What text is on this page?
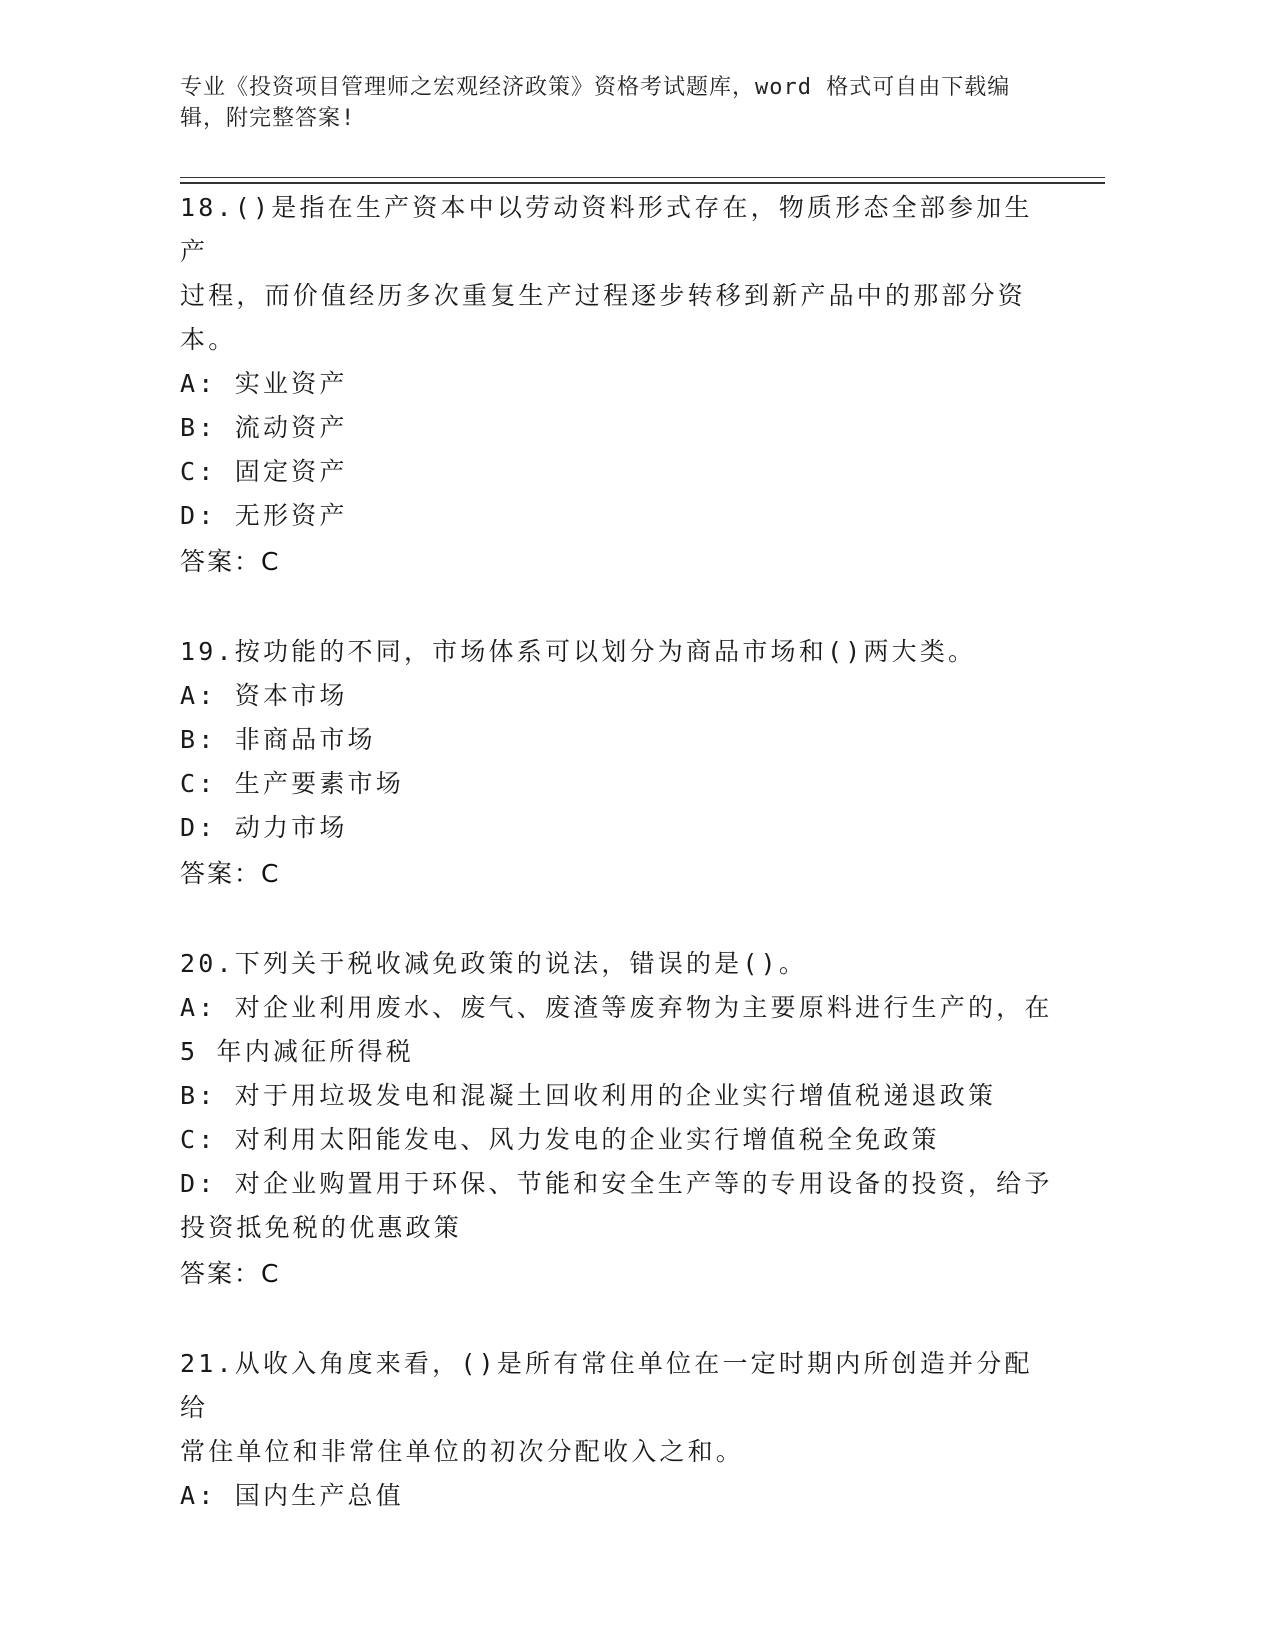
专业《投资项目管理师之宏观经济政策》资格考试题库，word 格式可自由下载编
辑，附完整答案!
18.()是指在生产资本中以劳动资料形式存在，物质形态全部参加生产
过程，而价值经历多次重复生产过程逐步转移到新产品中的那部分资
本。
A: 实业资产
B: 流动资产
C: 固定资产
D: 无形资产
答案：C
19.按功能的不同，市场体系可以划分为商品市场和()两大类。
A: 资本市场
B: 非商品市场
C: 生产要素市场
D: 动力市场
答案：C
20.下列关于税收减免政策的说法，错误的是()。
A: 对企业利用废水、废气、废渣等废弃物为主要原料进行生产的，在
5 年内减征所得税
B: 对于用垃圾发电和混凝土回收利用的企业实行增值税递退政策
C: 对利用太阳能发电、风力发电的企业实行增值税全免政策
D: 对企业购置用于环保、节能和安全生产等的专用设备的投资，给予
投资抵免税的优惠政策
答案：C
21.从收入角度来看，()是所有常住单位在一定时期内所创造并分配给
常住单位和非常住单位的初次分配收入之和。
A: 国内生产总值
